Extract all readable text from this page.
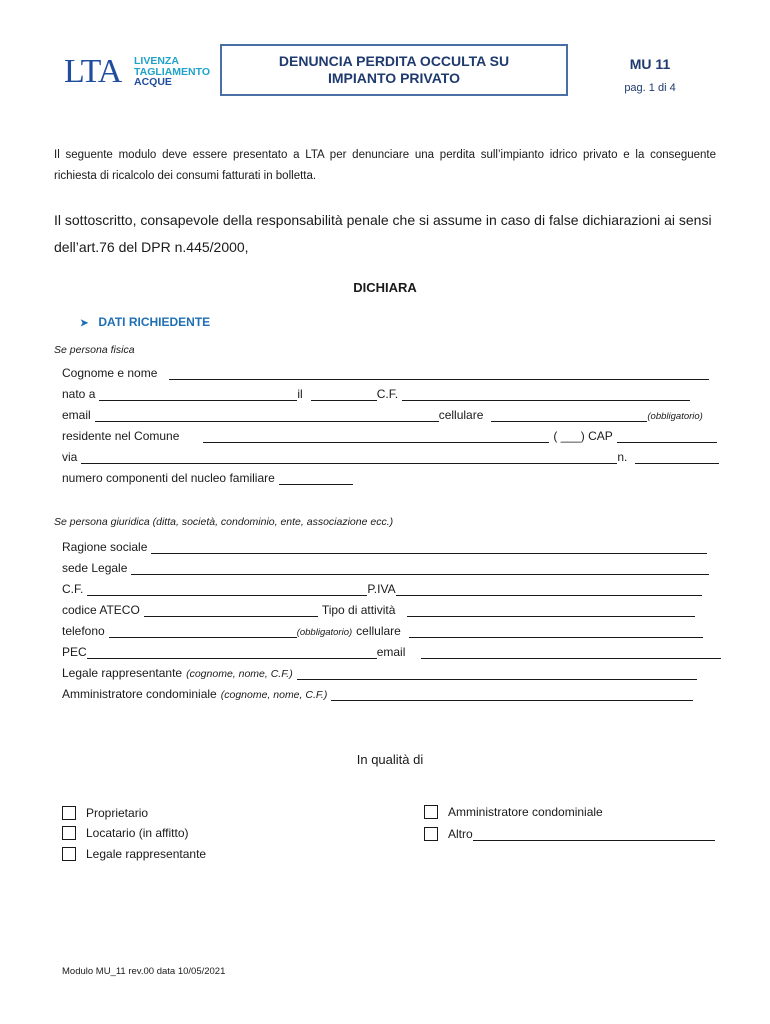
LTA LIVENZA
TAGLIAMENTO
ACQUE
DENUNCIA PERDITA OCCULTA SU
IMPIANTO PRIVATO
MU 11
pag. 1 di 4
Il seguente modulo deve essere presentato a LTA per denunciare una perdita sull’impianto idrico privato e la conseguente richiesta di ricalcolo dei consumi fatturati in bolletta.
Il sottoscritto, consapevole della responsabilità penale che si assume in caso di false dichiarazioni ai sensi dell’art.76 del DPR n.445/2000,
DICHIARA
➤ DATI RICHIEDENTE
Se persona fisica
Cognome e nome
nato a	il	C.F.
email	cellulare	(obbligatorio)
residente nel Comune	( ___) CAP
via	n.
numero componenti del nucleo familiare
Se persona giuridica (ditta, società, condominio, ente, associazione ecc.)
Ragione sociale
sede Legale
C.F.	P.IVA
codice ATECO	Tipo di attività
telefono	(obbligatorio) cellulare
PEC	email
Legale rappresentante (cognome, nome, C.F.)
Amministratore condominiale (cognome, nome, C.F.)
In qualità di
Proprietario
Locatario (in affitto)
Legale rappresentante
Amministratore condominiale
Altro
Modulo MU_11 rev.00 data 10/05/2021
